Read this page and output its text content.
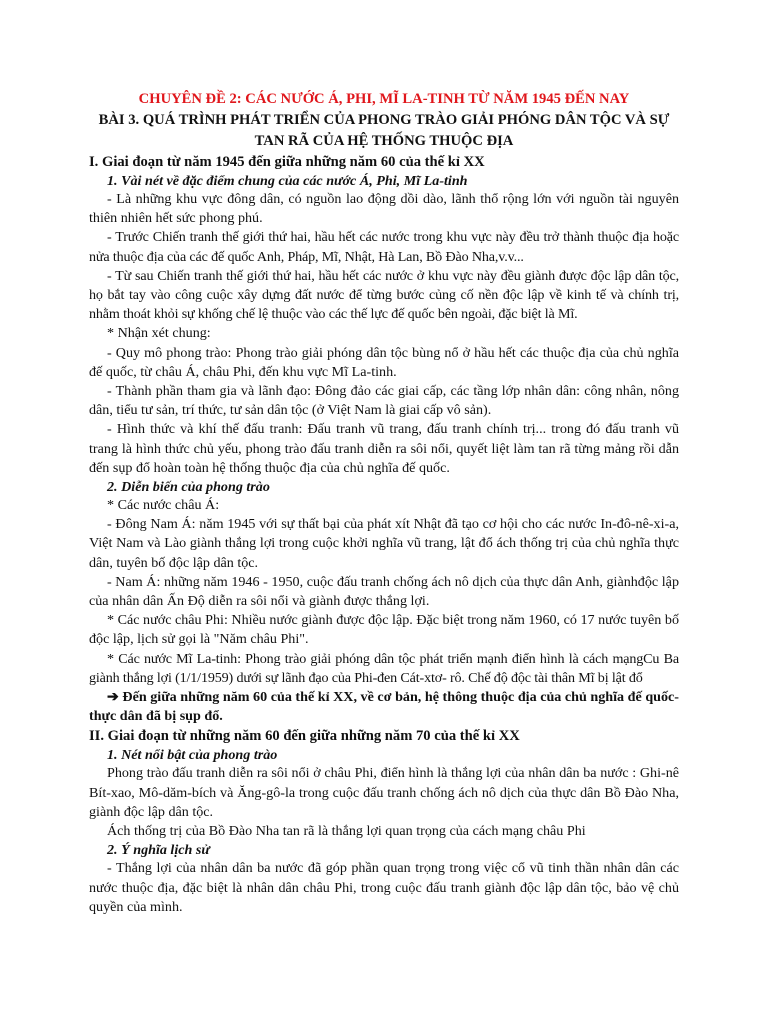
CHUYÊN ĐỀ 2: CÁC NƯỚC Á, PHI, MĨ LA-TINH TỪ NĂM 1945 ĐẾN NAY
BÀI 3. QUÁ TRÌNH PHÁT TRIỂN CỦA PHONG TRÀO GIẢI PHÓNG DÂN TỘC VÀ SỰ
TAN RÃ CỦA HỆ THỐNG THUỘC ĐỊA
I. Giai đoạn từ năm 1945 đến giữa những năm 60 của thế kỉ XX
1. Vài nét về đặc điểm chung của các nước Á, Phi, Mĩ La-tinh
- Là những khu vực đông dân, có nguồn lao động dồi dào, lãnh thổ rộng lớn với nguồn tài nguyên thiên nhiên hết sức phong phú.
- Trước Chiến tranh thế giới thứ hai, hầu hết các nước trong khu vực này đều trở thành thuộc địa hoặc nửa thuộc địa của các đế quốc Anh, Pháp, Mĩ, Nhật, Hà Lan, Bồ Đào Nha,v.v...
- Từ sau Chiến tranh thế giới thứ hai, hầu hết các nước ở khu vực này đều giành được độc lập dân tộc, họ bắt tay vào công cuộc xây dựng đất nước để từng bước củng cố nền độc lập về kinh tế và chính trị, nhằm thoát khỏi sự khống chế lệ thuộc vào các thế lực đế quốc bên ngoài, đặc biệt là Mĩ.
* Nhận xét chung:
- Quy mô phong trào: Phong trào giải phóng dân tộc bùng nổ ở hầu hết các thuộc địa của chủ nghĩa đế quốc, từ châu Á, châu Phi, đến khu vực Mĩ La-tinh.
- Thành phần tham gia và lãnh đạo: Đông đảo các giai cấp, các tầng lớp nhân dân: công nhân, nông dân, tiểu tư sản, trí thức, tư sản dân tộc (ở Việt Nam là giai cấp vô sản).
- Hình thức và khí thế đấu tranh: Đấu tranh vũ trang, đấu tranh chính trị... trong đó đấu tranh vũ trang là hình thức chủ yếu, phong trào đấu tranh diễn ra sôi nổi, quyết liệt làm tan rã từng mảng rồi dẫn đến sụp đổ hoàn toàn hệ thống thuộc địa của chủ nghĩa đế quốc.
2. Diễn biến của phong trào
* Các nước châu Á:
- Đông Nam Á: năm 1945 với sự thất bại của phát xít Nhật đã tạo cơ hội cho các nước In-đô-nê-xi-a, Việt Nam và Lào giành thắng lợi trong cuộc khởi nghĩa vũ trang, lật đổ ách thống trị của chủ nghĩa thực dân, tuyên bố độc lập dân tộc.
- Nam Á: những năm 1946 - 1950, cuộc đấu tranh chống ách nô dịch của thực dân Anh, giànhđộc lập của nhân dân Ấn Độ diễn ra sôi nổi và giành được thắng lợi.
* Các nước châu Phi: Nhiều nước giành được độc lập. Đặc biệt trong năm 1960, có 17 nước tuyên bố độc lập, lịch sử gọi là "Năm châu Phi".
* Các nước Mĩ La-tinh: Phong trào giải phóng dân tộc phát triển mạnh điển hình là cách mạngCu Ba giành thắng lợi (1/1/1959) dưới sự lãnh đạo của Phi-đen Cát-xtơ- rô. Chế độ độc tài thân Mĩ bị lật đổ
➔ Đến giữa những năm 60 của thế kỉ XX, về cơ bản, hệ thông thuộc địa của chủ nghĩa đế quốc- thực dân đã bị sụp đổ.
II. Giai đoạn từ những năm 60 đến giữa những năm 70 của thế kỉ XX
1. Nét nổi bật của phong trào
Phong trào đấu tranh diễn ra sôi nổi ở châu Phi, điển hình là thắng lợi của nhân dân ba nước : Ghi-nê Bít-xao, Mô-dăm-bích và Ăng-gô-la trong cuộc đấu tranh chống ách nô dịch của thực dân Bồ Đào Nha, giành độc lập dân tộc.
Ách thống trị của Bồ Đào Nha tan rã là thắng lợi quan trọng của cách mạng châu Phi
2. Ý nghĩa lịch sử
- Thắng lợi của nhân dân ba nước đã góp phần quan trọng trong việc cổ vũ tinh thần nhân dân các nước thuộc địa, đặc biệt là nhân dân châu Phi, trong cuộc đấu tranh giành độc lập dân tộc, bảo vệ chủ quyền của mình.
